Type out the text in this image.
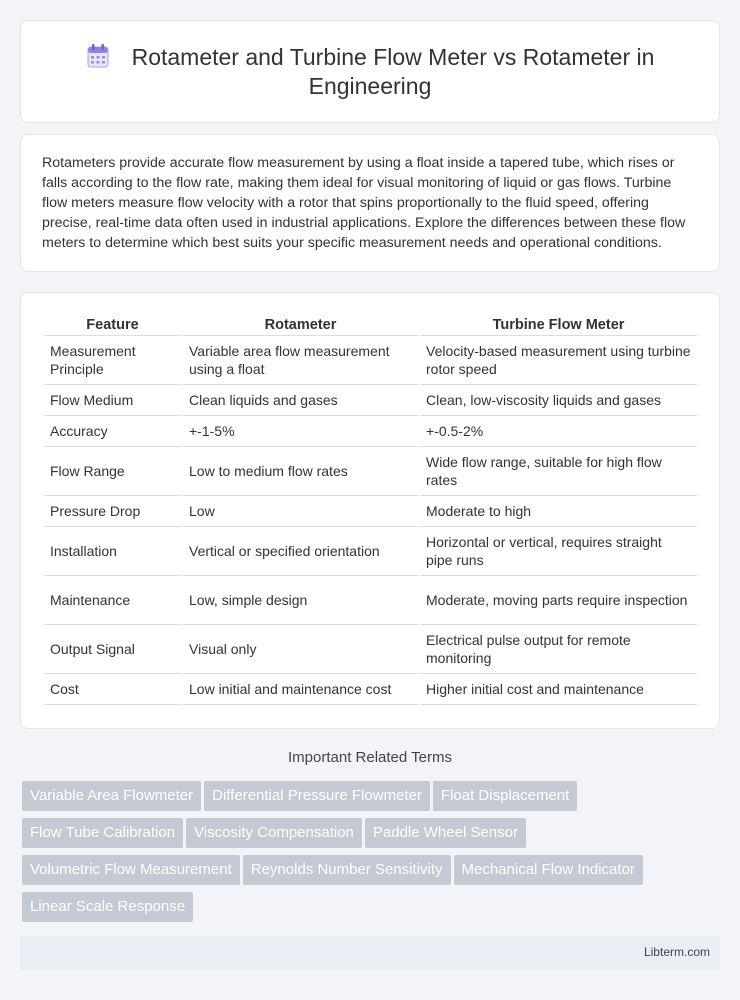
Rotameter and Turbine Flow Meter vs Rotameter in Engineering

Rotameters provide accurate flow measurement by using a float inside a tapered tube, which rises or falls according to the flow rate, making them ideal for visual monitoring of liquid or gas flows. Turbine flow meters measure flow velocity with a rotor that spins proportionally to the fluid speed, offering precise, real-time data often used in industrial applications. Explore the differences between these flow meters to determine which best suits your specific measurement needs and operational conditions.

Feature	Rotameter	Turbine Flow Meter
Measurement Principle	Variable area flow measurement using a float	Velocity-based measurement using turbine rotor speed
Flow Medium	Clean liquids and gases	Clean, low-viscosity liquids and gases
Accuracy	+-1-5%	+-0.5-2%
Flow Range	Low to medium flow rates	Wide flow range, suitable for high flow rates
Pressure Drop	Low	Moderate to high
Installation	Vertical or specified orientation	Horizontal or vertical, requires straight pipe runs
Maintenance	Low, simple design	Moderate, moving parts require inspection
Output Signal	Visual only	Electrical pulse output for remote monitoring
Cost	Low initial and maintenance cost	Higher initial cost and maintenance
Important Related Terms
Variable Area Flowmeter Differential Pressure Flowmeter Float Displacement
Flow Tube Calibration Viscosity Compensation Paddle Wheel Sensor
Volumetric Flow Measurement Reynolds Number Sensitivity Mechanical Flow Indicator
Linear Scale Response
Libterm.com
